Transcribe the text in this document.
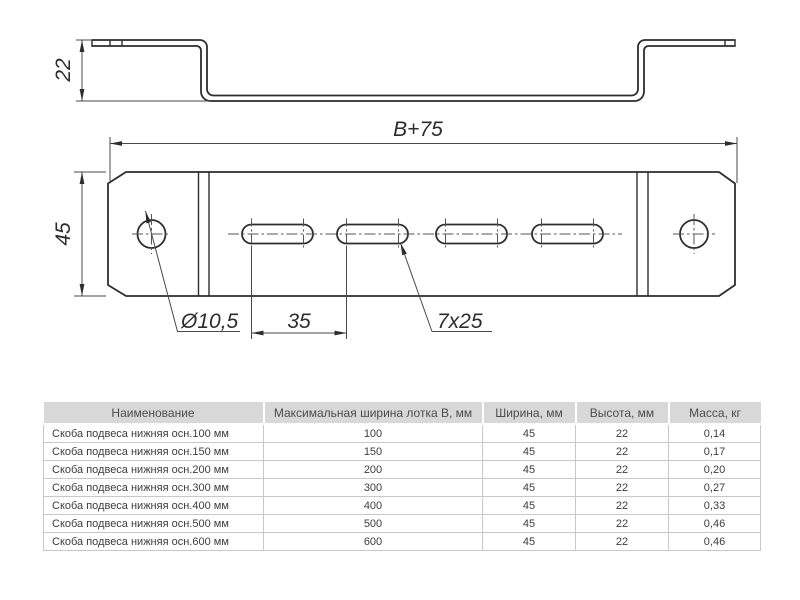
22
B+75
45
35
Ø10,5	7x25
Наименование	Максимальная ширина лотка B, мм	Ширина, мм	Высота, мм	Масса, кг
Скоба подвеса нижняя осн.100 мм	100	45	22	0,14
Скоба подвеса нижняя осн.150 мм	150	45	22	0,17
Скоба подвеса нижняя осн.200 мм	200	45	22	0,20
Скоба подвеса нижняя осн.300 мм	300	45	22	0,27
Скоба подвеса нижняя осн.400 мм	400	45	22	0,33
Скоба подвеса нижняя осн.500 мм	500	45	22	0,46
Скоба подвеса нижняя осн.600 мм	600	45	22	0,46
